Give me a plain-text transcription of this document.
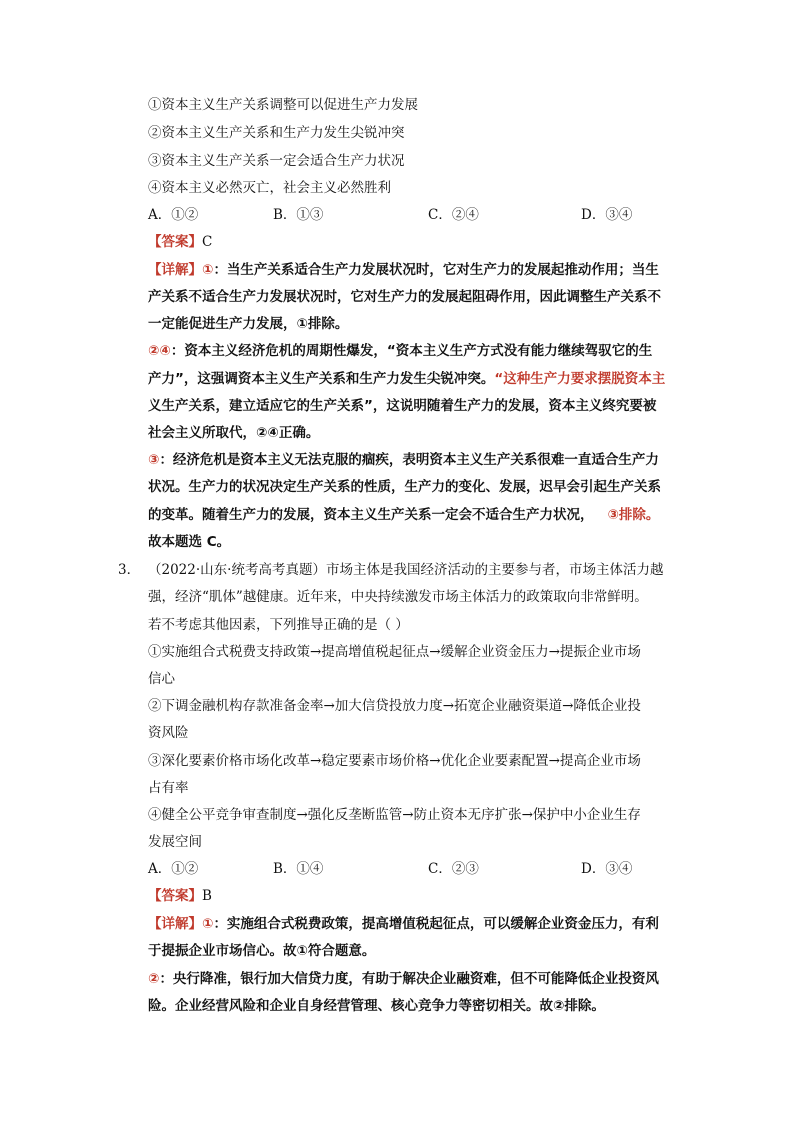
①资本主义生产关系调整可以促进生产力发展
②资本主义生产关系和生产力发生尖锐冲突
③资本主义生产关系一定会适合生产力状况
④资本主义必然灭亡，社会主义必然胜利
A．①②	B．①③	C．②④	D．③④
【答案】C
【详解】①：当生产关系适合生产力发展状况时，它对生产力的发展起推动作用；当生
产关系不适合生产力发展状况时，它对生产力的发展起阻碍作用，因此调整生产关系不
一定能促进生产力发展，①排除。
②④：资本主义经济危机的周期性爆发，“资本主义生产方式没有能力继续驾驭它的生
产力”，这强调资本主义生产关系和生产力发生尖锐冲突。“这种生产力要求摆脱资本主
义生产关系，建立适应它的生产关系”，这说明随着生产力的发展，资本主义终究要被
社会主义所取代，②④正确。
③：经济危机是资本主义无法克服的痼疾，表明资本主义生产关系很难一直适合生产力
状况。生产力的状况决定生产关系的性质，生产力的变化、发展，迟早会引起生产关系
的变革。随着生产力的发展，资本主义生产关系一定会不适合生产力状况， ③排除。
故本题选 C。
3． （2022·山东·统考高考真题）市场主体是我国经济活动的主要参与者，市场主体活力越
强，经济“肌体”越健康。近年来，中央持续激发市场主体活力的政策取向非常鲜明。
若不考虑其他因素，下列推导正确的是（ ）
①实施组合式税费支持政策→提高增值税起征点→缓解企业资金压力→提振企业市场
信心
②下调金融机构存款准备金率→加大信贷投放力度→拓宽企业融资渠道→降低企业投
资风险
③深化要素价格市场化改革→稳定要素市场价格→优化企业要素配置→提高企业市场
占有率
④健全公平竞争审查制度→强化反垄断监管→防止资本无序扩张→保护中小企业生存
发展空间
A．①②	B．①④	C．②③	D．③④
【答案】B
【详解】①：实施组合式税费政策，提高增值税起征点，可以缓解企业资金压力，有利
于提振企业市场信心。故①符合题意。
②：央行降准，银行加大信贷力度，有助于解决企业融资难，但不可能降低企业投资风
险。企业经营风险和企业自身经营管理、核心竞争力等密切相关。故②排除。
